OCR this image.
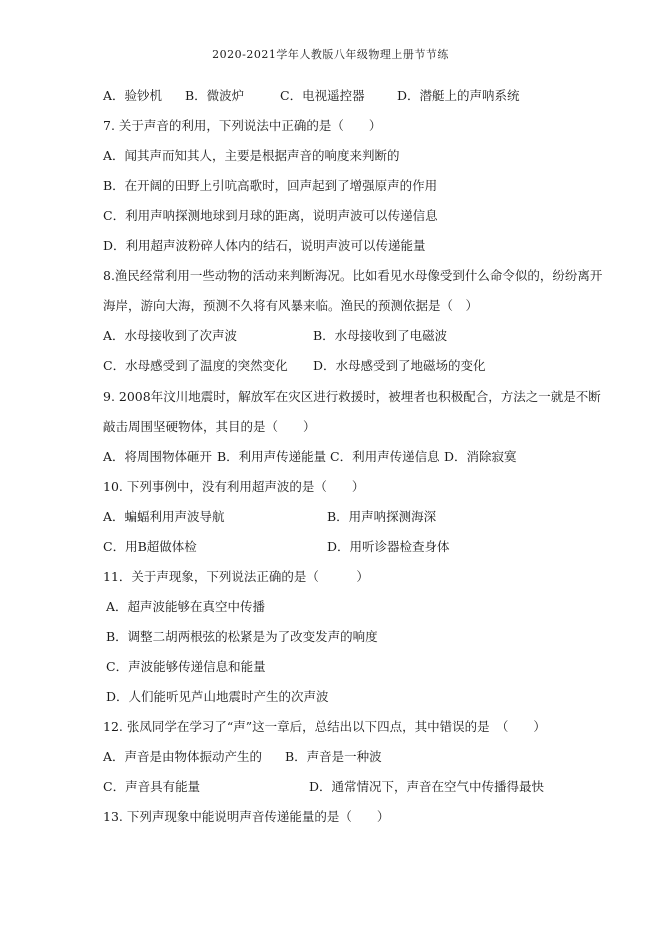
2020-2021学年人教版八年级物理上册节节练
A．验钞机 B．微波炉	C．电视遥控器	D．潜艇上的声呐系统
7. 关于声音的利用，下列说法中正确的是（　　）
A．闻其声而知其人，主要是根据声音的响度来判断的
B．在开阔的田野上引吭高歌时，回声起到了增强原声的作用
C．利用声呐探测地球到月球的距离，说明声波可以传递信息
D．利用超声波粉碎人体内的结石，说明声波可以传递能量
8.渔民经常利用一些动物的活动来判断海况。比如看见水母像受到什么命令似的，纷纷离开
海岸，游向大海，预测不久将有风暴来临。渔民的预测依据是（　）
A．水母接收到了次声波	B．水母接收到了电磁波
C．水母感受到了温度的突然变化 D．水母感受到了地磁场的变化
9. 2008年汶川地震时，解放军在灾区进行救援时，被埋者也积极配合，方法之一就是不断
敲击周围坚硬物体，其目的是（　　）
A．将周围物体砸开 B．利用声传递能量 C．利用声传递信息 D．消除寂寞
10. 下列事例中，没有利用超声波的是（　　）
A．蝙蝠利用声波导航	B．用声呐探测海深
C．用B超做体检	D．用听诊器检查身体
11．关于声现象，下列说法正确的是（　　　）
A．超声波能够在真空中传播
B．调整二胡两根弦的松紧是为了改变发声的响度
C．声波能够传递信息和能量
D．人们能听见芦山地震时产生的次声波
12. 张凤同学在学习了“声”这一章后，总结出以下四点，其中错误的是　（　　）
A．声音是由物体振动产生的 B．声音是一种波
C．声音具有能量	D．通常情况下，声音在空气中传播得最快
13. 下列声现象中能说明声音传递能量的是（　　）
